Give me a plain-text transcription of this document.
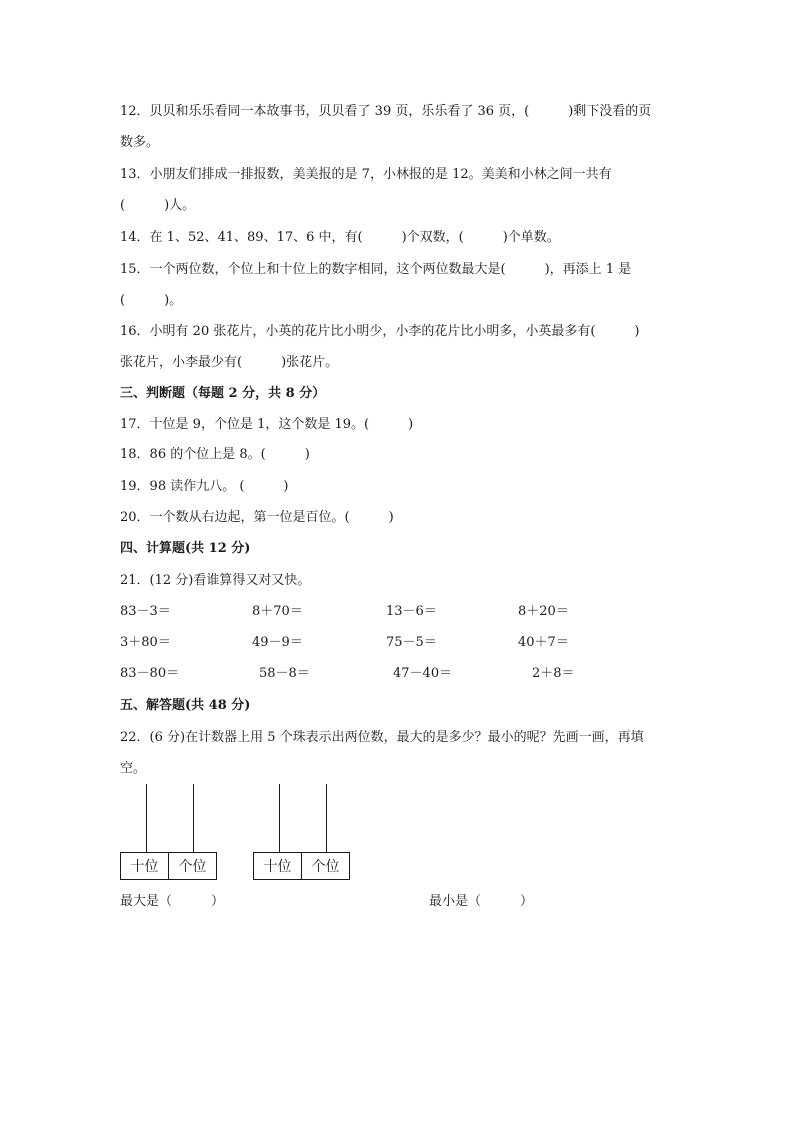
12．贝贝和乐乐看同一本故事书，贝贝看了 39 页，乐乐看了 36 页，(　　　)剩下没看的页
数多。
13．小朋友们排成一排报数，美美报的是 7，小林报的是 12。美美和小林之间一共有
(　　　)人。
14．在 1、52、41、89、17、6 中，有(　　　)个双数，(　　　)个单数。
15．一个两位数，个位上和十位上的数字相同，这个两位数最大是(　　　)，再添上 1 是
(　　　)。
16．小明有 20 张花片，小英的花片比小明少，小李的花片比小明多，小英最多有(　　　)
张花片，小李最少有(　　　)张花片。
三、判断题（每题 2 分，共 8 分）
17．十位是 9，个位是 1，这个数是 19。(　　　)
18．86 的个位上是 8。(　　　)
19．98 读作九八。 (　　　)
20．一个数从右边起，第一位是百位。(　　　)
四、计算题(共 12 分)
21．(12 分)看谁算得又对又快。
83－3＝	8＋70＝	13－6＝	8＋20＝
3＋80＝	49－9＝	75－5＝	40＋7＝
83－80＝	58－8＝	47－40＝	2＋8＝
五、解答题(共 48 分)
22．(6 分)在计数器上用 5 个珠表示出两位数，最大的是多少？最小的呢？先画一画，再填
空。
十位	个位	十位	个位
最大是（　　　）	最小是（　　　）
